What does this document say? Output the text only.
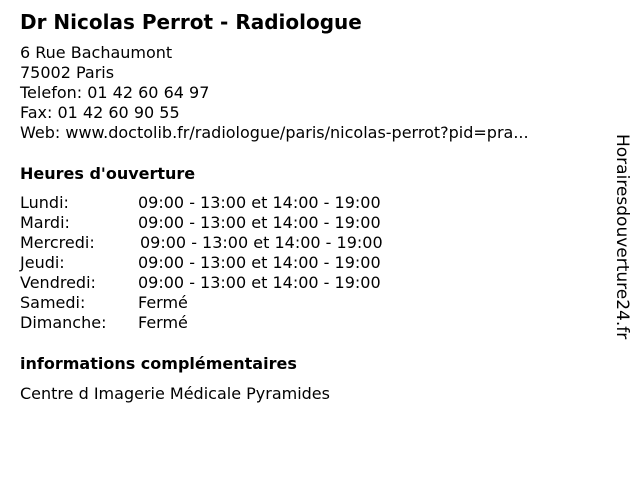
Dr Nicolas Perrot - Radiologue
6 Rue Bachaumont
75002 Paris
Telefon: 01 42 60 64 97
Fax: 01 42 60 90 55
Web: www.doctolib.fr/radiologue/paris/nicolas-perrot?pid=pra...
Heures d'ouverture
Lundi:	09:00 - 13:00 et 14:00 - 19:00
Mardi:	09:00 - 13:00 et 14:00 - 19:00
Mercredi:	09:00 - 13:00 et 14:00 - 19:00
Jeudi:	09:00 - 13:00 et 14:00 - 19:00
Vendredi:	09:00 - 13:00 et 14:00 - 19:00
Samedi:	Fermé
Dimanche: Fermé
informations complémentaires
Centre d Imagerie Médicale Pyramides
Horairesdouverture24.fr
